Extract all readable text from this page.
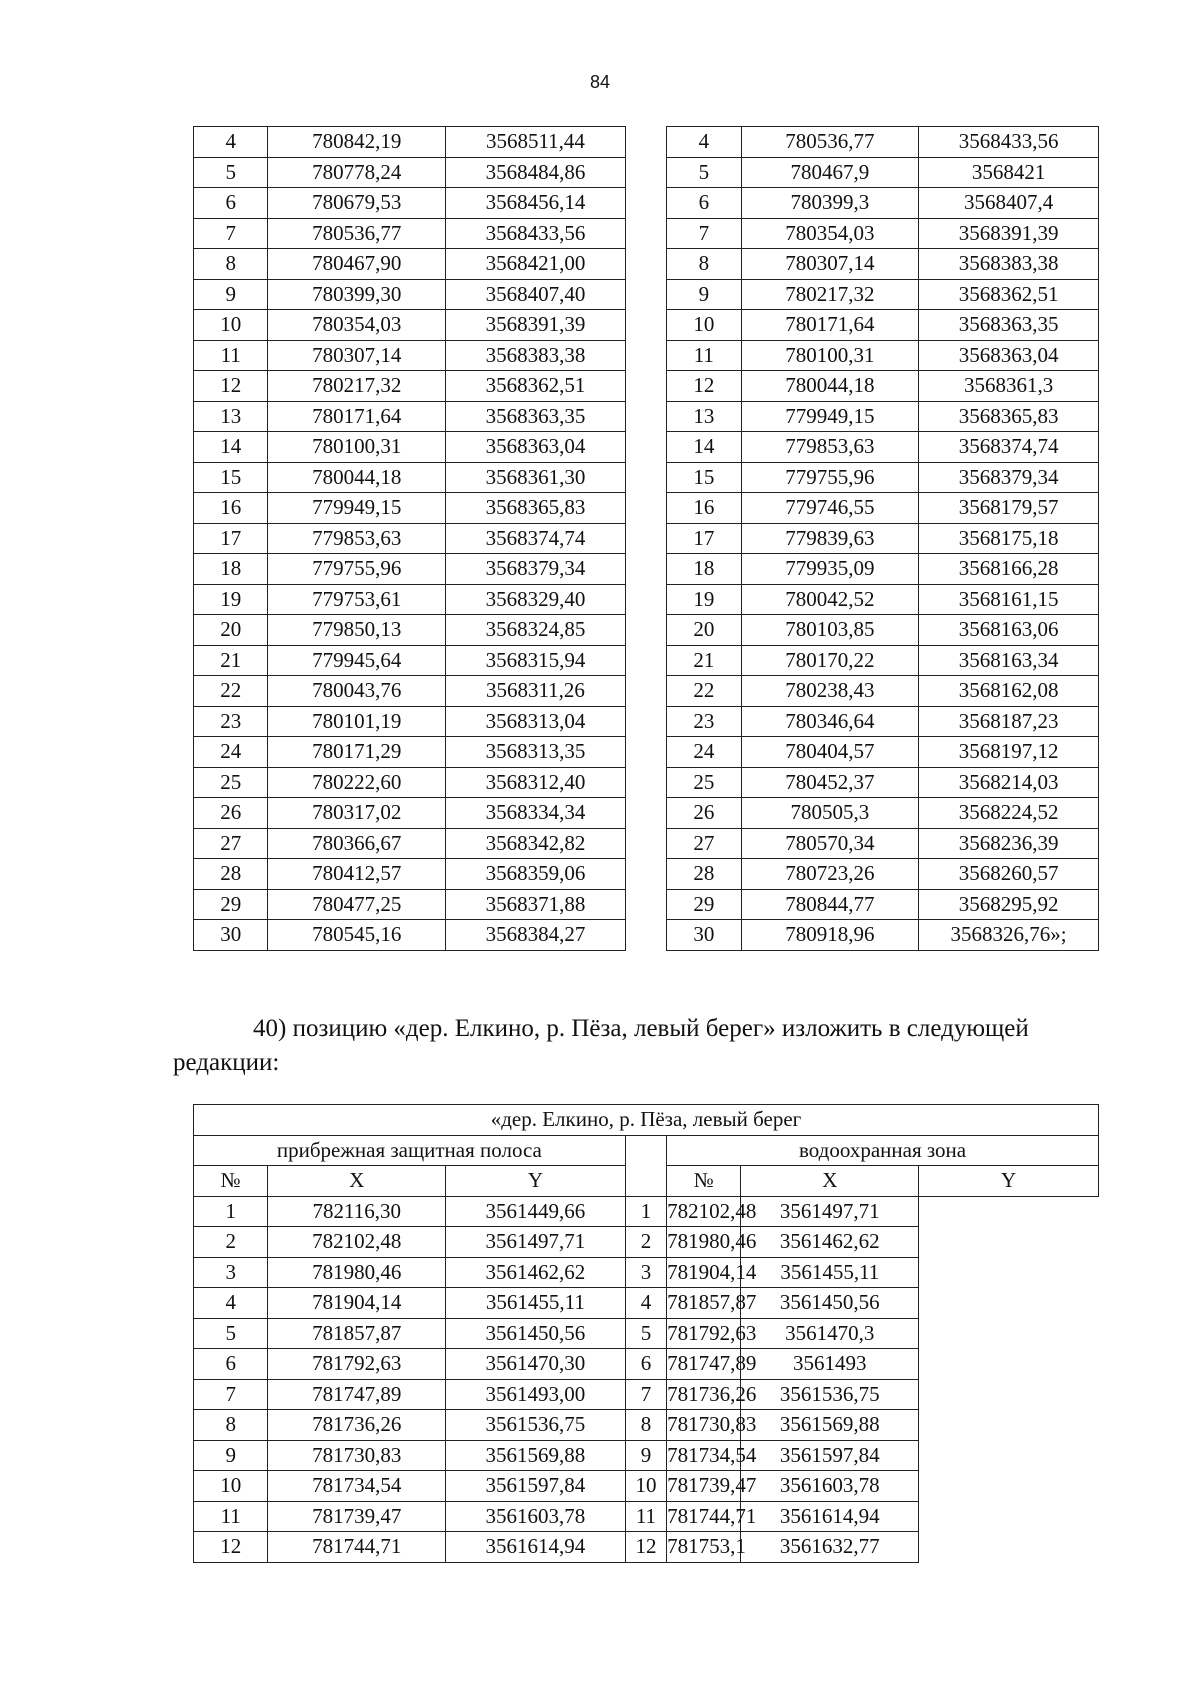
84
4	780842,19	3568511,44		4	780536,77	3568433,56
5	780778,24	3568484,86		5	780467,9	3568421
6	780679,53	3568456,14		6	780399,3	3568407,4
7	780536,77	3568433,56		7	780354,03	3568391,39
8	780467,90	3568421,00		8	780307,14	3568383,38
9	780399,30	3568407,40		9	780217,32	3568362,51
10	780354,03	3568391,39		10	780171,64	3568363,35
11	780307,14	3568383,38		11	780100,31	3568363,04
12	780217,32	3568362,51		12	780044,18	3568361,3
13	780171,64	3568363,35		13	779949,15	3568365,83
14	780100,31	3568363,04		14	779853,63	3568374,74
15	780044,18	3568361,30		15	779755,96	3568379,34
16	779949,15	3568365,83		16	779746,55	3568179,57
17	779853,63	3568374,74		17	779839,63	3568175,18
18	779755,96	3568379,34		18	779935,09	3568166,28
19	779753,61	3568329,40		19	780042,52	3568161,15
20	779850,13	3568324,85		20	780103,85	3568163,06
21	779945,64	3568315,94		21	780170,22	3568163,34
22	780043,76	3568311,26		22	780238,43	3568162,08
23	780101,19	3568313,04		23	780346,64	3568187,23
24	780171,29	3568313,35		24	780404,57	3568197,12
25	780222,60	3568312,40		25	780452,37	3568214,03
26	780317,02	3568334,34		26	780505,3	3568224,52
27	780366,67	3568342,82		27	780570,34	3568236,39
28	780412,57	3568359,06		28	780723,26	3568260,57
29	780477,25	3568371,88		29	780844,77	3568295,92
30	780545,16	3568384,27		30	780918,96	3568326,76»;
40) позицию «дер. Елкино, р. Пёза, левый берег» изложить в следующей
редакции:
«дер. Елкино, р. Пёза, левый берег						
прибрежная защитная полоса				водоохранная зона		
№	X	Y		№	X	Y
1	782116,30	3561449,66	1	782102,48	3561497,71	
2	782102,48	3561497,71	2	781980,46	3561462,62	
3	781980,46	3561462,62	3	781904,14	3561455,11	
4	781904,14	3561455,11	4	781857,87	3561450,56	
5	781857,87	3561450,56	5	781792,63	3561470,3	
6	781792,63	3561470,30	6	781747,89	3561493	
7	781747,89	3561493,00	7	781736,26	3561536,75	
8	781736,26	3561536,75	8	781730,83	3561569,88	
9	781730,83	3561569,88	9	781734,54	3561597,84	
10	781734,54	3561597,84	10	781739,47	3561603,78	
11	781739,47	3561603,78	11	781744,71	3561614,94	
12	781744,71	3561614,94	12	781753,1	3561632,77	
